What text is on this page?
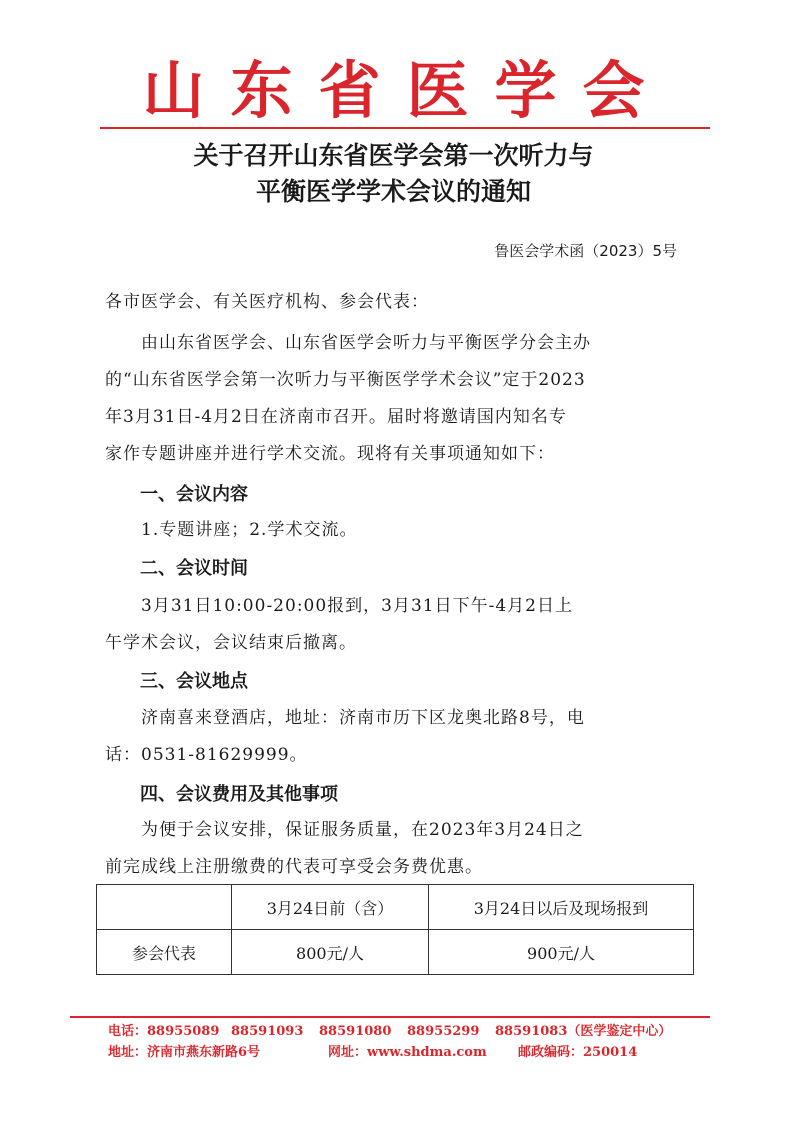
山东省医学会
关于召开山东省医学会第一次听力与
平衡医学学术会议的通知
鲁医会学术函（2023）5号
各市医学会、有关医疗机构、参会代表：
由山东省医学会、山东省医学会听力与平衡医学分会主办
的“山东省医学会第一次听力与平衡医学学术会议”定于2023
年3月31日-4月2日在济南市召开。届时将邀请国内知名专
家作专题讲座并进行学术交流。现将有关事项通知如下：
一、会议内容
1.专题讲座；2.学术交流。
二、会议时间
3月31日10:00-20:00报到，3月31日下午-4月2日上
午学术会议，会议结束后撤离。
三、会议地点
济南喜来登酒店，地址：济南市历下区龙奥北路8号，电
话：0531-81629999。
四、会议费用及其他事项
为便于会议安排，保证服务质量，在2023年3月24日之
前完成线上注册缴费的代表可享受会务费优惠。
	3月24日前（含）	3月24日以后及现场报到
参会代表	800元/人	900元/人
电话：88955089 88591093 88591080 88955299 88591083（医学鉴定中心）
地址：济南市燕东新路6号	网址：www.shdma.com 邮政编码：250014
